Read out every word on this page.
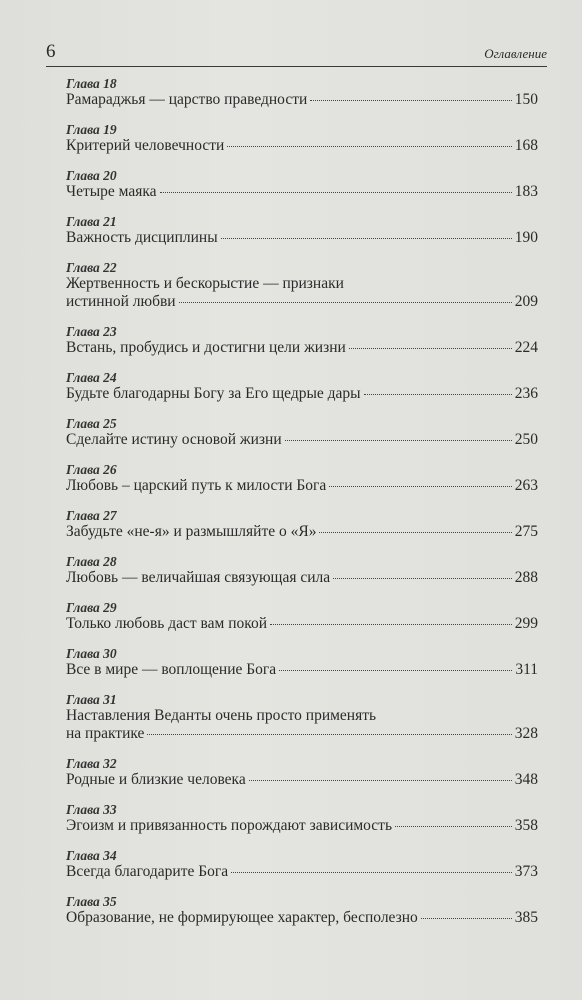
6	Оглавление
Глава 18
Рамараджья — царство праведности	150
Глава 19
Критерий человечности	168
Глава 20
Четыре маяка	183
Глава 21
Важность дисциплины	190
Глава 22
Жертвенность и бескорыстие — признаки
истинной любви	209
Глава 23
Встань, пробудись и достигни цели жизни	224
Глава 24
Будьте благодарны Богу за Его щедрые дары	236
Глава 25
Сделайте истину основой жизни	250
Глава 26
Любовь – царский путь к милости Бога	263
Глава 27
Забудьте «не-я» и размышляйте о «Я»	275
Глава 28
Любовь — величайшая связующая сила	288
Глава 29
Только любовь даст вам покой	299
Глава 30
Все в мире — воплощение Бога	311
Глава 31
Наставления Веданты очень просто применять
на практике	328
Глава 32
Родные и близкие человека	348
Глава 33
Эгоизм и привязанность порождают зависимость	358
Глава 34
Всегда благодарите Бога	373
Глава 35
Образование, не формирующее характер, бесполезно	385
